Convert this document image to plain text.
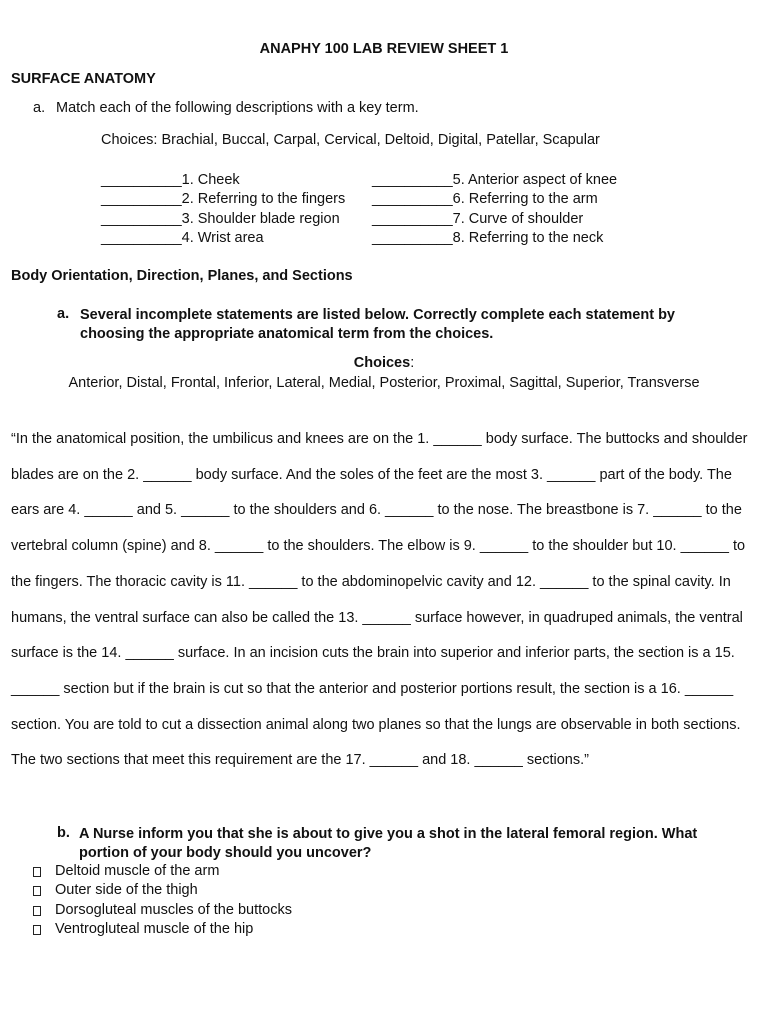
ANAPHY 100 LAB REVIEW SHEET 1
SURFACE ANATOMY
a. Match each of the following descriptions with a key term.
Choices: Brachial, Buccal, Carpal, Cervical, Deltoid, Digital, Patellar, Scapular
__________1. Cheek
__________2. Referring to the fingers
__________3. Shoulder blade region
__________4. Wrist area
__________5. Anterior aspect of knee
__________6. Referring to the arm
__________7. Curve of shoulder
__________8. Referring to the neck
Body Orientation, Direction, Planes, and Sections
a. Several incomplete statements are listed below. Correctly complete each statement by choosing the appropriate anatomical term from the choices.
Choices:
Anterior, Distal, Frontal, Inferior, Lateral, Medial, Posterior, Proximal, Sagittal, Superior, Transverse
“In the anatomical position, the umbilicus and knees are on the 1. ______ body surface. The buttocks and shoulder blades are on the 2. ______ body surface. And the soles of the feet are the most 3. ______ part of the body. The ears are 4. ______ and 5. ______ to the shoulders and 6. ______ to the nose. The breastbone is 7. ______ to the vertebral column (spine) and 8. ______ to the shoulders. The elbow is 9. ______ to the shoulder but 10. ______ to the fingers. The thoracic cavity is 11. ______ to the abdominopelvic cavity and 12. ______ to the spinal cavity. In humans, the ventral surface can also be called the 13. ______ surface however, in quadruped animals, the ventral surface is the 14. ______ surface. In an incision cuts the brain into superior and inferior parts, the section is a 15. ______ section but if the brain is cut so that the anterior and posterior portions result, the section is a 16. ______ section. You are told to cut a dissection animal along two planes so that the lungs are observable in both sections. The two sections that meet this requirement are the 17. ______ and 18. ______ sections.”
b. A Nurse inform you that she is about to give you a shot in the lateral femoral region. What portion of your body should you uncover?
Deltoid muscle of the arm
Outer side of the thigh
Dorsogluteal muscles of the buttocks
Ventrogluteal muscle of the hip
